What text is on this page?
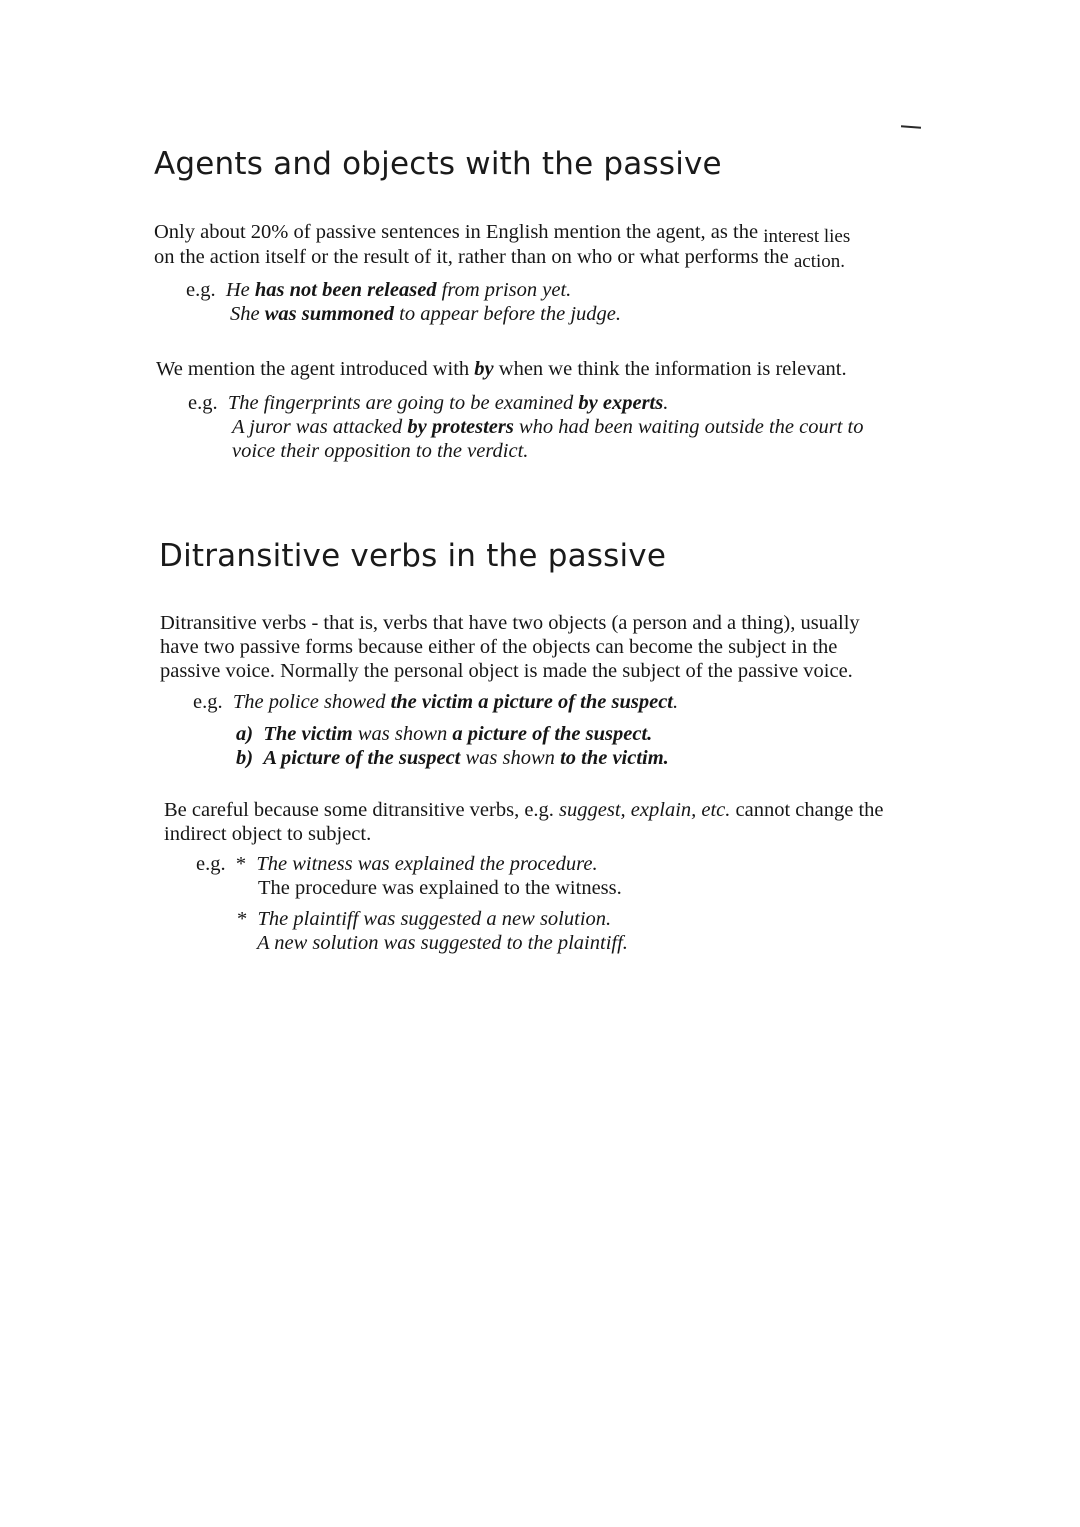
Agents and objects with the passive

Only about 20% of passive sentences in English mention the agent, as the interest lies
on the action itself or the result of it, rather than on who or what performs the action.

e.g. He has not been released from prison yet.
She was summoned to appear before the judge.

We mention the agent introduced with by when we think the information is relevant.

e.g. The fingerprints are going to be examined by experts.
A juror was attacked by protesters who had been waiting outside the court to
voice their opposition to the verdict.
Ditransitive verbs in the passive

Ditransitive verbs - that is, verbs that have two objects (a person and a thing), usually
have two passive forms because either of the objects can become the subject in the
passive voice. Normally the personal object is made the subject of the passive voice.

e.g. The police showed the victim a picture of the suspect.
a) The victim was shown a picture of the suspect.
b) A picture of the suspect was shown to the victim.

Be careful because some ditransitive verbs, e.g. suggest, explain, etc. cannot change the
indirect object to subject.

e.g. * The witness was explained the procedure.
The procedure was explained to the witness.
* The plaintiff was suggested a new solution.
A new solution was suggested to the plaintiff.
